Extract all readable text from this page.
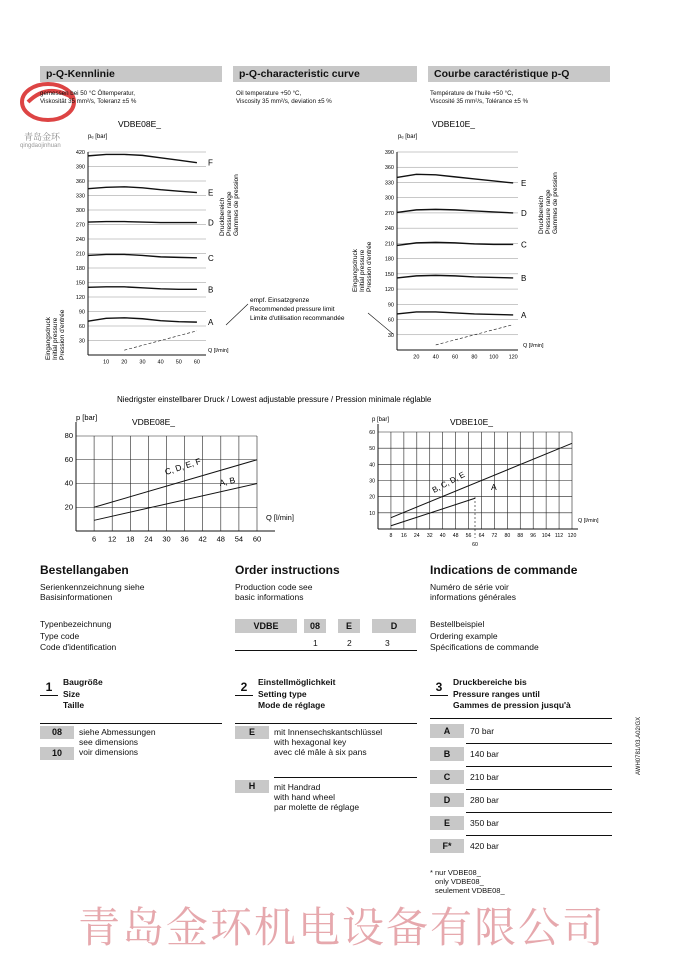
青岛金环
qingdaojinhuan
p-Q-Kennlinie	p-Q-characteristic curve	Courbe caractéristique p-Q
gemessen bei 50 °C Öltemperatur,
Viskosität 35 mm²/s, Toleranz ±5 %
Oil temperature +50 °C,
Viscosity 35 mm²/s, deviation ±5 %
Température de l'huile +50 °C,
Viscosité 35 mm²/s, Tolérance ±5 %
30
60
90
120
150
180
210
240
270
300
330
360
390
420
10 20 30 40 50 60
F
E
D
C
B
A
30
60
90
120
150
180
210
240
270
300
330
360
390
20 40 60 80 100 120
E
D
C
B
A
20
40
60
80
6 12 18 24 30 36 42 48 54 60
C, D, E, F
A, B
10
20
30
40
50
60
8 16 24 32 40 48 56 64 72 80 88 96 104 112 120
60
B, C, D, E	A
VDBE08E_
pₑ [bar]
Q [l/min]
VDBE10E_
pₑ [bar]
Q [l/min]
Eingangsdruck Initial pressure Pression d'entrée
Druckbereich Pressure range Gammes de pression
Eingangsdruck Initial pressure Pression d'entrée
Druckbereich Pressure range Gammes de pression
empf. Einsatzgrenze
Recommended pressure limit
Limite d'utilisation recommandée
Niedrigster einstellbarer Druck / Lowest adjustable pressure / Pression minimale réglable
VDBE08E_
p [bar]
Q [l/min]
VDBE10E_
p [bar]
Q [l/min]
Bestellangaben	Order instructions	Indications de commande
Serienkennzeichnung siehe
Basisinformationen
Production code see
basic informations
Numéro de série voir
informations générales
Typenbezeichnung
Type code
Code d'identification
VDBE	08	E	D
1	2	3
Bestellbeispiel
Ordering example
Spécifications de commande
1	Baugröße
Size
Taille
08	siehe Abmessungen
see dimensions
10	voir dimensions
2	Einstellmöglichkeit
Setting type
Mode de réglage
E	mit Innensechskantschlüssel
with hexagonal key
avec clé mâle à six pans
H	mit Handrad
with hand wheel
par molette de réglage
3	Druckbereiche bis
Pressure ranges until
Gammes de pression jusqu'à
A	70 bar
B	140 bar
C	210 bar
D	280 bar
E	350 bar
F*	420 bar
* nur VDBE08_
only VDBE08_
seulement VDBE08_
AWH0781/03.A02/GX
青岛金环机电设备有限公司
